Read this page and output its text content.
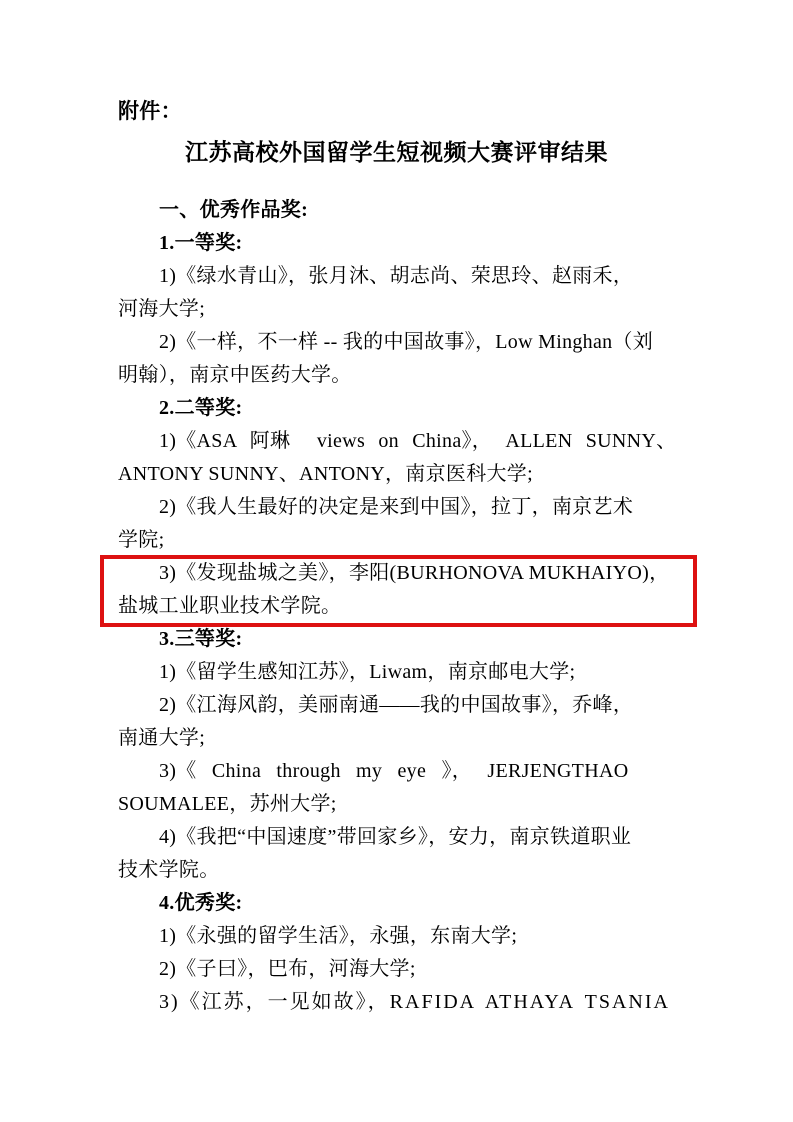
附件：
江苏高校外国留学生短视频大赛评审结果
一、优秀作品奖:
1.一等奖:
1)《绿水青山》，张月沐、胡志尚、荣思玲、赵雨禾，
河海大学;
2)《一样，不一样 -- 我的中国故事》，Low Minghan（刘
明翰），南京中医药大学。
2.二等奖:
1)《ASA 阿琳  views on China》， ALLEN SUNNY、
ANTONY SUNNY、ANTONY，南京医科大学;
2)《我人生最好的决定是来到中国》，拉丁，南京艺术
学院;
3)《发现盐城之美》，李阳(BURHONOVA MUKHAIYO)，
盐城工业职业技术学院。
3.三等奖:
1)《留学生感知江苏》，Liwam，南京邮电大学;
2)《江海风韵，美丽南通——我的中国故事》，乔峰，
南通大学;
3)《 China through my eye 》， JERJENGTHAO
SOUMALEE，苏州大学;
4)《我把“中国速度”带回家乡》，安力，南京铁道职业
技术学院。
4.优秀奖:
1)《永强的留学生活》，永强，东南大学;
2)《子曰》，巴布，河海大学;
3)《江苏，一见如故》，RAFIDA ATHAYA TSANIA
